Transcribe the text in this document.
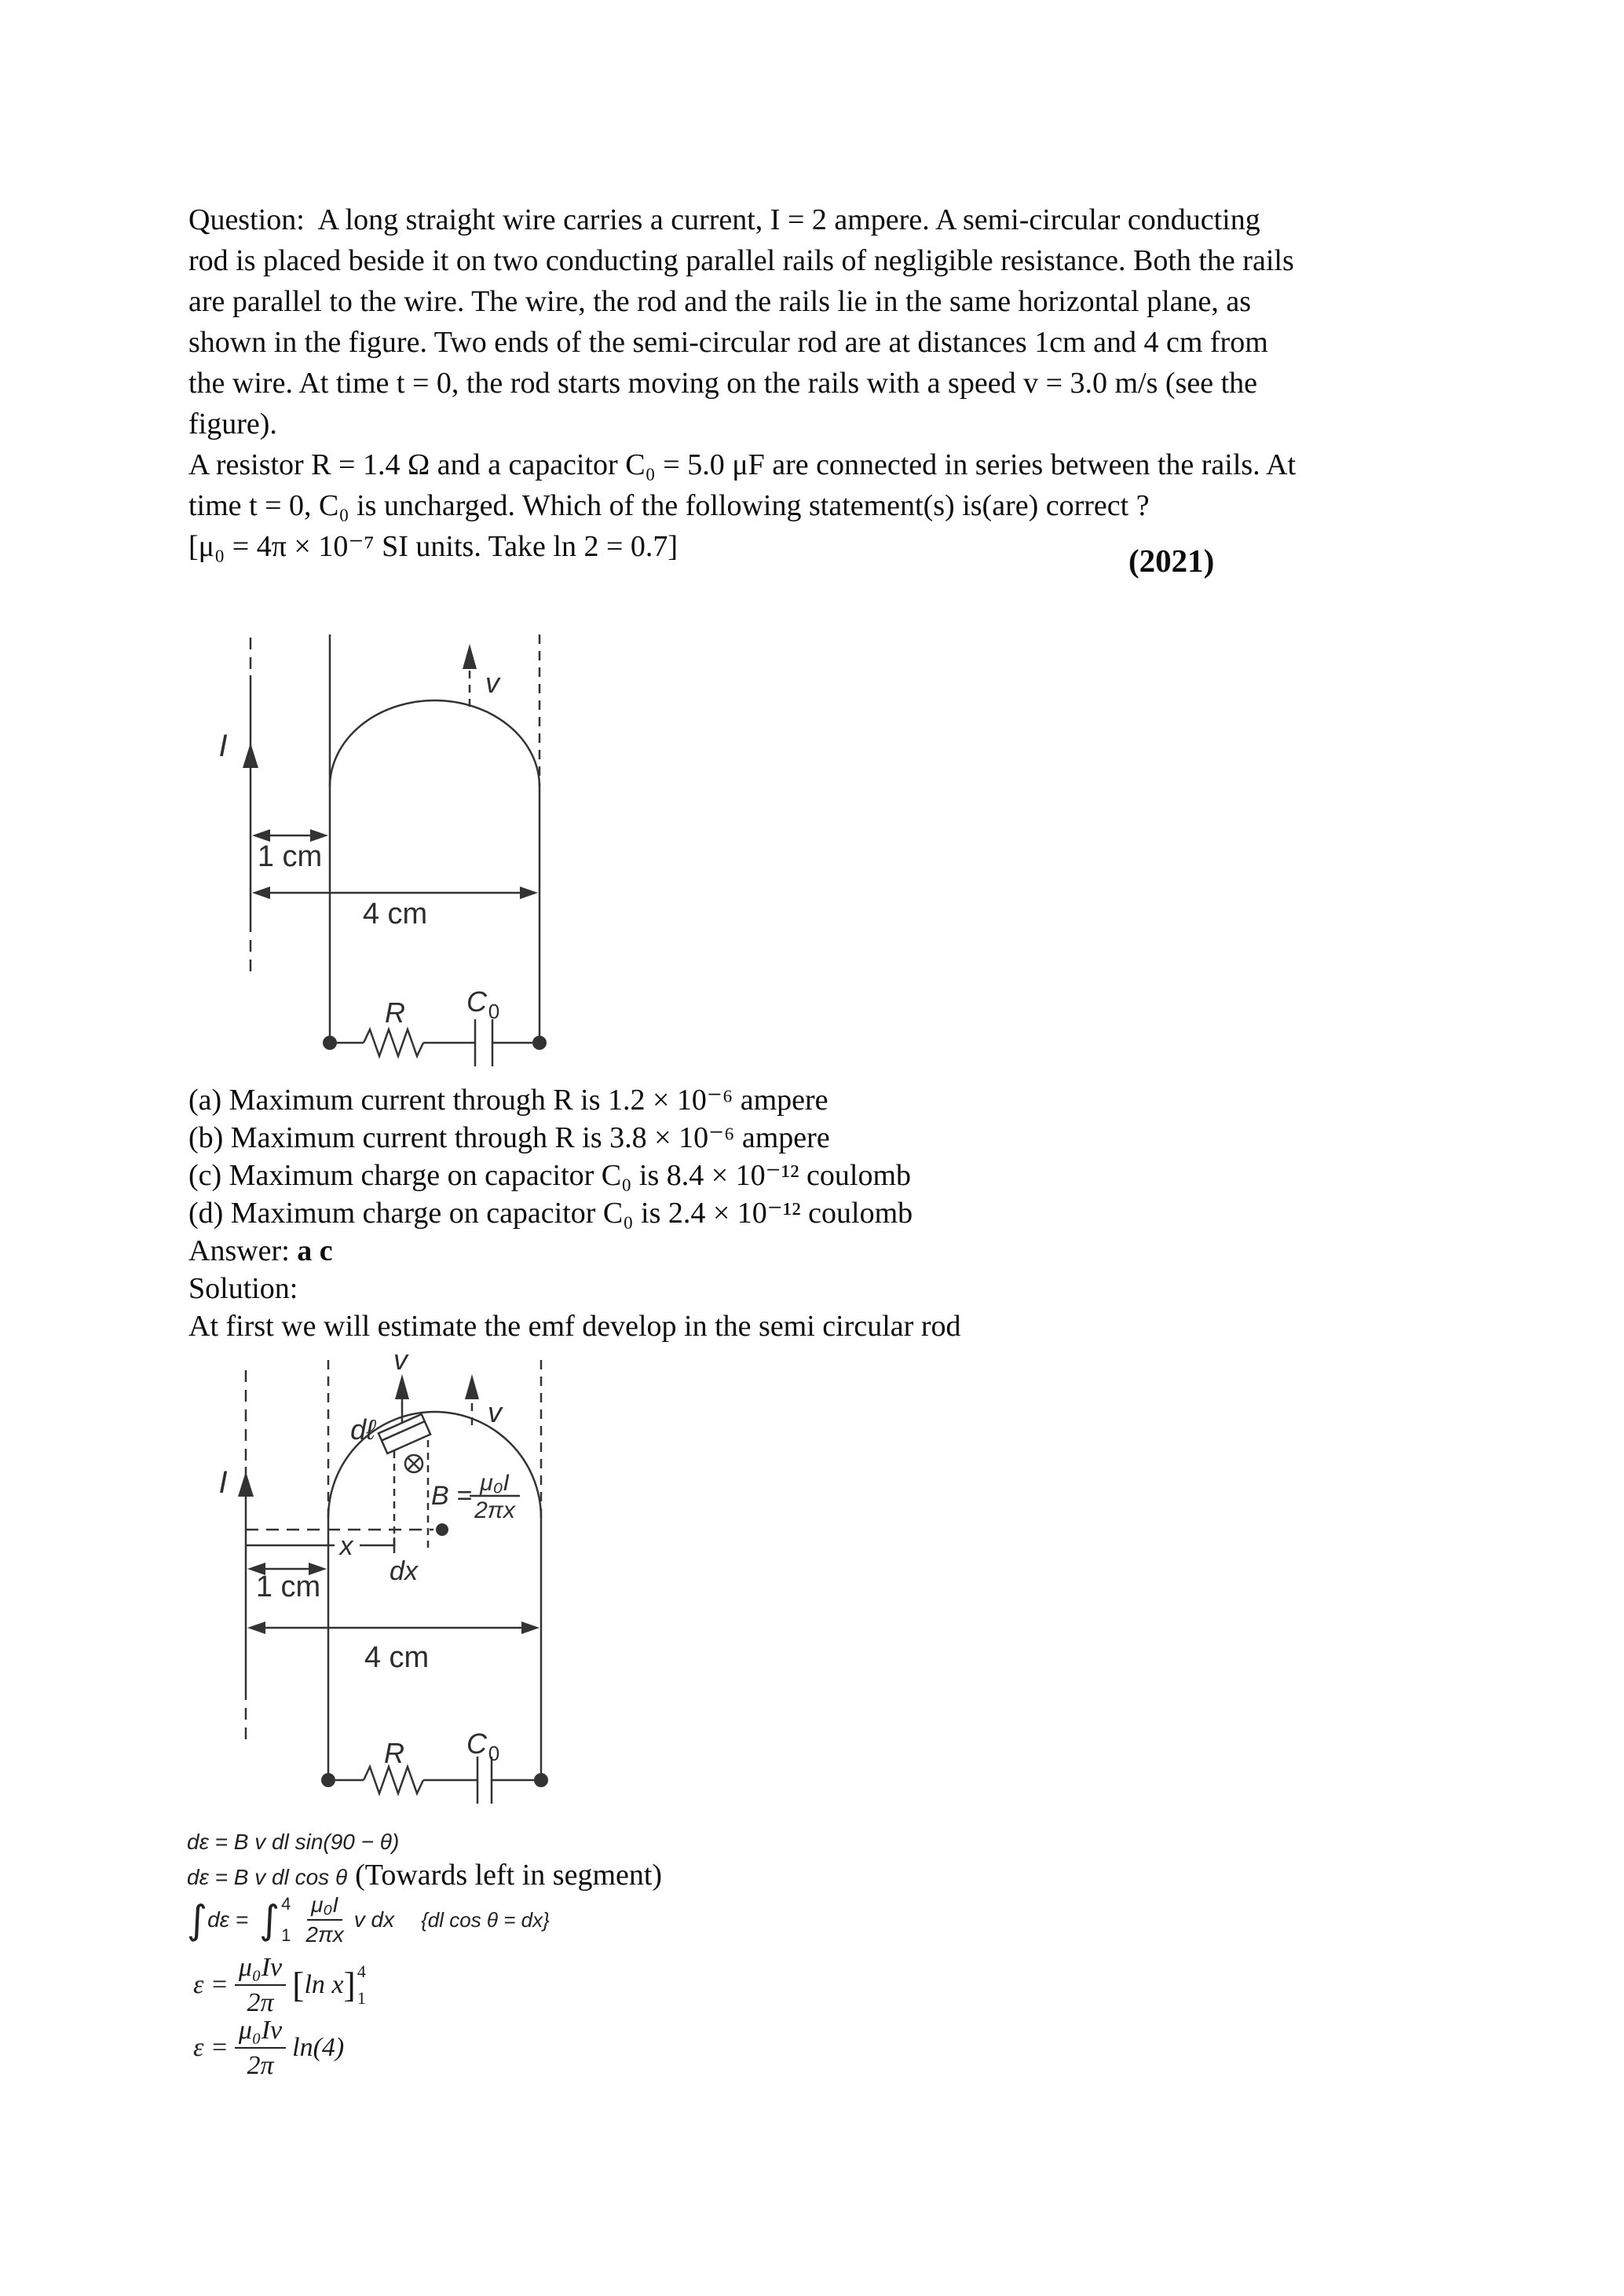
Question:  A long straight wire carries a current, I = 2 ampere. A semi-circular conducting
rod is placed beside it on two conducting parallel rails of negligible resistance. Both the rails
are parallel to the wire. The wire, the rod and the rails lie in the same horizontal plane, as
shown in the figure. Two ends of the semi-circular rod are at distances 1cm and 4 cm from
the wire. At time t = 0, the rod starts moving on the rails with a speed v = 3.0 m/s (see the
figure).
A resistor R = 1.4 Ω and a capacitor C₀ = 5.0 μF are connected in series between the rails. At
time t = 0, C₀ is uncharged. Which of the following statement(s) is(are) correct ?
[μ₀ = 4π × 10⁻⁷ SI units. Take ln 2 = 0.7]	(2021)
I
v
1 cm
4 cm
R C 0
(a) Maximum current through R is 1.2 × 10⁻⁶ ampere
(b) Maximum current through R is 3.8 × 10⁻⁶ ampere
(c) Maximum charge on capacitor C₀ is 8.4 × 10⁻¹² coulomb
(d) Maximum charge on capacitor C₀ is 2.4 × 10⁻¹² coulomb
Answer: a c
Solution:
At first we will estimate the emf develop in the semi circular rod
I
v
dℓ
v
B = μ₀I
2πx
x
dx
1 cm
4 cm
R C 0
dε = B v dl sin(90 − θ)
dε = B v dl cos θ (Towards left in segment)
∫ dε = ∫ 4
$1 \frac{\text{μ₀I}}{2\pi x}$ v dx {dl cos θ = dx}
$\varepsilon = \frac{\text{μ₀Iv}}{2\pi}$ [ ln x ] 4
1
$\varepsilon = \frac{\text{μ₀Iv}}{2\pi} \ln(4)$
